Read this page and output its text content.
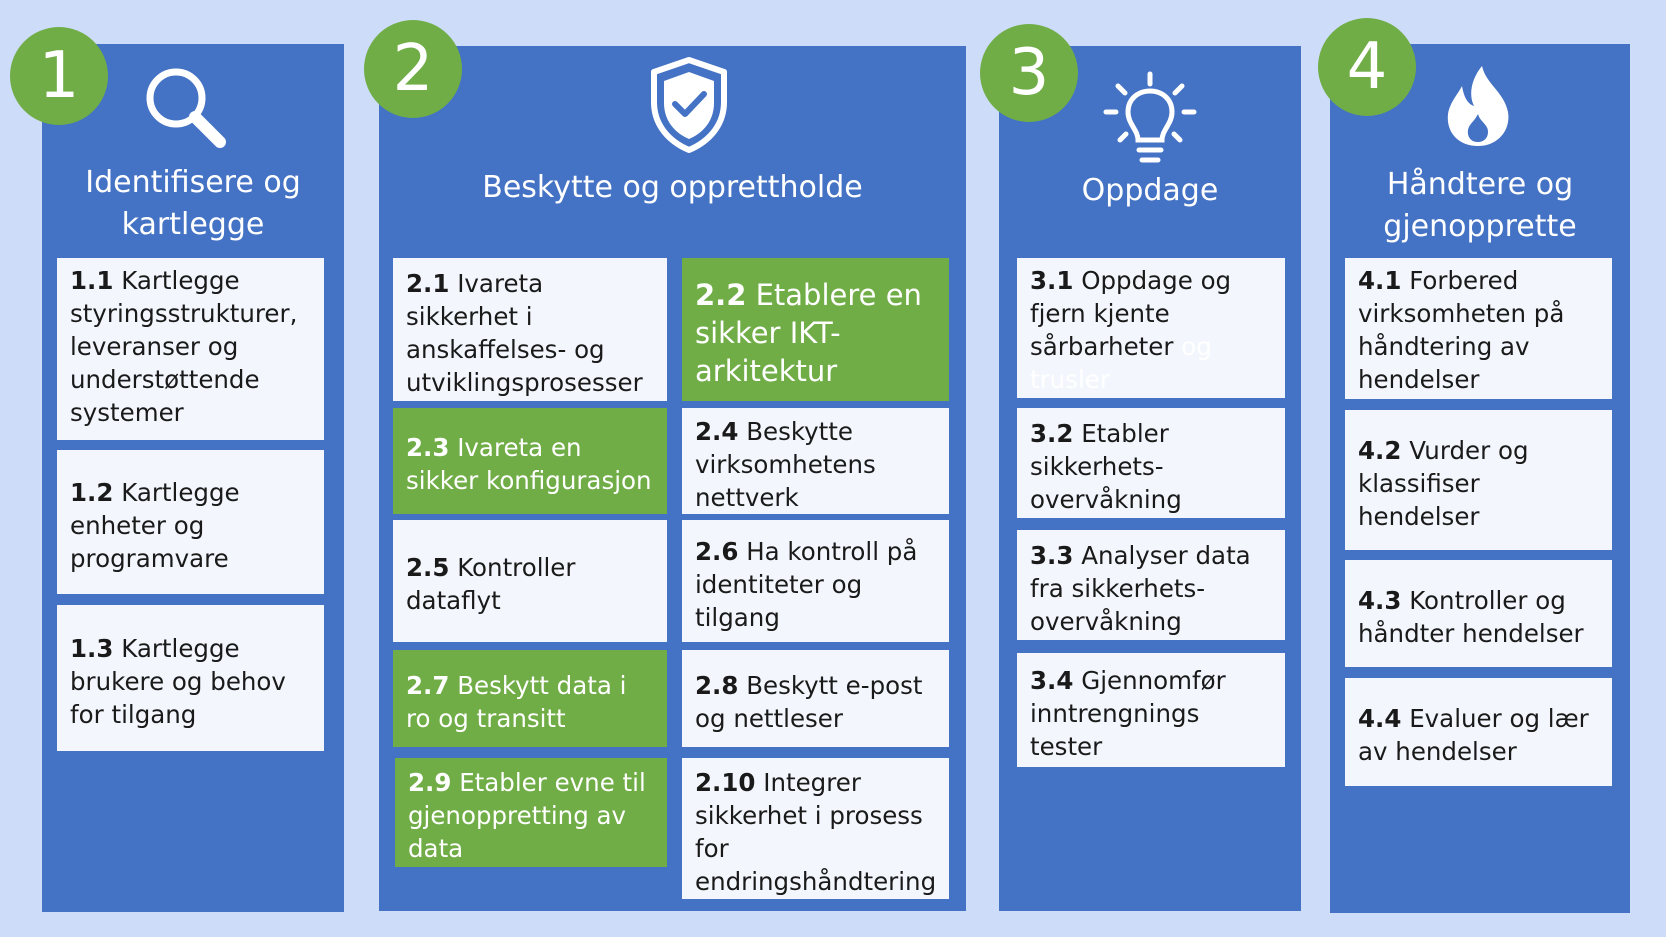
1
Identifisere og
kartlegge
1.1 Kartlegge styringsstrukturer, leveranser og understøttende systemer
1.2 Kartlegge enheter og programvare
1.3 Kartlegge brukere og behov for tilgang
2
Beskytte og opprettholde
2.1 Ivareta sikkerhet i anskaffelses- og utviklingsprosesser
2.2 Etablere en sikker IKT-arkitektur
2.3 Ivareta en sikker konfigurasjon
2.4 Beskytte virksomhetens nettverk
2.5 Kontroller dataflyt
2.6 Ha kontroll på identiteter og tilgang
2.7 Beskytt data i ro og transitt
2.8 Beskytt e-post og nettleser
2.9 Etabler evne til gjenoppretting av data
2.10 Integrer sikkerhet i prosess for endringshåndtering
3
Oppdage
3.1 Oppdage og fjern kjente sårbarheter og trusler
3.2 Etabler sikkerhets-overvåkning
3.3 Analyser data fra sikkerhets-overvåkning
3.4 Gjennomfør inntrengnings tester
4
Håndtere og
gjenopprette
4.1 Forbered virksomheten på håndtering av hendelser
4.2 Vurder og klassifiser hendelser
4.3 Kontroller og håndter hendelser
4.4 Evaluer og lær av hendelser
